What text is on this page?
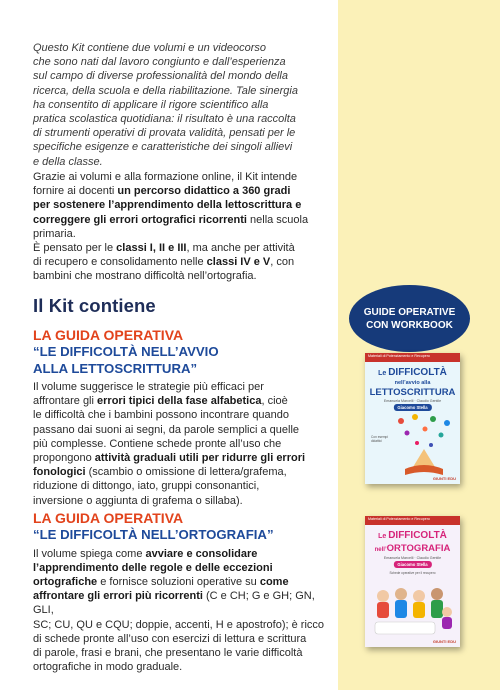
Questo Kit contiene due volumi e un videocorso
che sono nati dal lavoro congiunto e dall’esperienza
sul campo di diverse professionalità del mondo della
ricerca, della scuola e della riabilitazione. Tale sinergia
ha consentito di applicare il rigore scientifico alla
pratica scolastica quotidiana: il risultato è una raccolta
di strumenti operativi di provata validità, pensati per le
specifiche esigenze e caratteristiche dei singoli allievi
e della classe.
Grazie ai volumi e alla formazione online, il Kit intende
fornire ai docenti un percorso didattico a 360 gradi
per sostenere l’apprendimento della lettoscrittura e
correggere gli errori ortografici ricorrenti nella scuola
primaria.
È pensato per le classi I, II e III, ma anche per attività
di recupero e consolidamento nelle classi IV e V, con
bambini che mostrano difficoltà nell’ortografia.
Il Kit contiene
LA GUIDA OPERATIVA
“LE DIFFICOLTÀ NELL’AVVIO
ALLA LETTOSCRITTURA”
Il volume suggerisce le strategie più efficaci per
affrontare gli errori tipici della fase alfabetica, cioè
le difficoltà che i bambini possono incontrare quando
passano dai suoni ai segni, da parole semplici a quelle
più complesse. Contiene schede pronte all’uso che
propongono attività graduali utili per ridurre gli errori
fonologici (scambio o omissione di lettera/grafema,
riduzione di dittongo, iato, gruppi consonantici,
inversione o aggiunta di grafema o sillaba).
LA GUIDA OPERATIVA
“LE DIFFICOLTÀ NELL’ORTOGRAFIA”
Il volume spiega come avviare e consolidare
l’apprendimento delle regole e delle eccezioni
ortografiche e fornisce soluzioni operative su come
affrontare gli errori più ricorrenti (C e CH; G e GH; GN, GLI,
SC; CU, QU e CQU; doppie, accenti, H e apostrofo); è ricco
di schede pronte all’uso con esercizi di lettura e scrittura
di parole, frasi e brani, che presentano le varie difficoltà
ortografiche in modo graduale.
GUIDE OPERATIVE
CON WORKBOOK
Materiali di Potenziamento e Recupero
Le DIFFICOLTÀ
nell’avvio alla
LETTOSCRITTURA
Emanuela Marcelli · Claudio Gentile
Giacomo Stella
Con esempi didattici
GIUNTI EDU
Materiali di Potenziamento e Recupero
Le DIFFICOLTÀ
nell’ORTOGRAFIA
Emanuela Marcelli · Claudio Gentile
Giacomo Stella
Schede operative per il recupero
GIUNTI EDU
